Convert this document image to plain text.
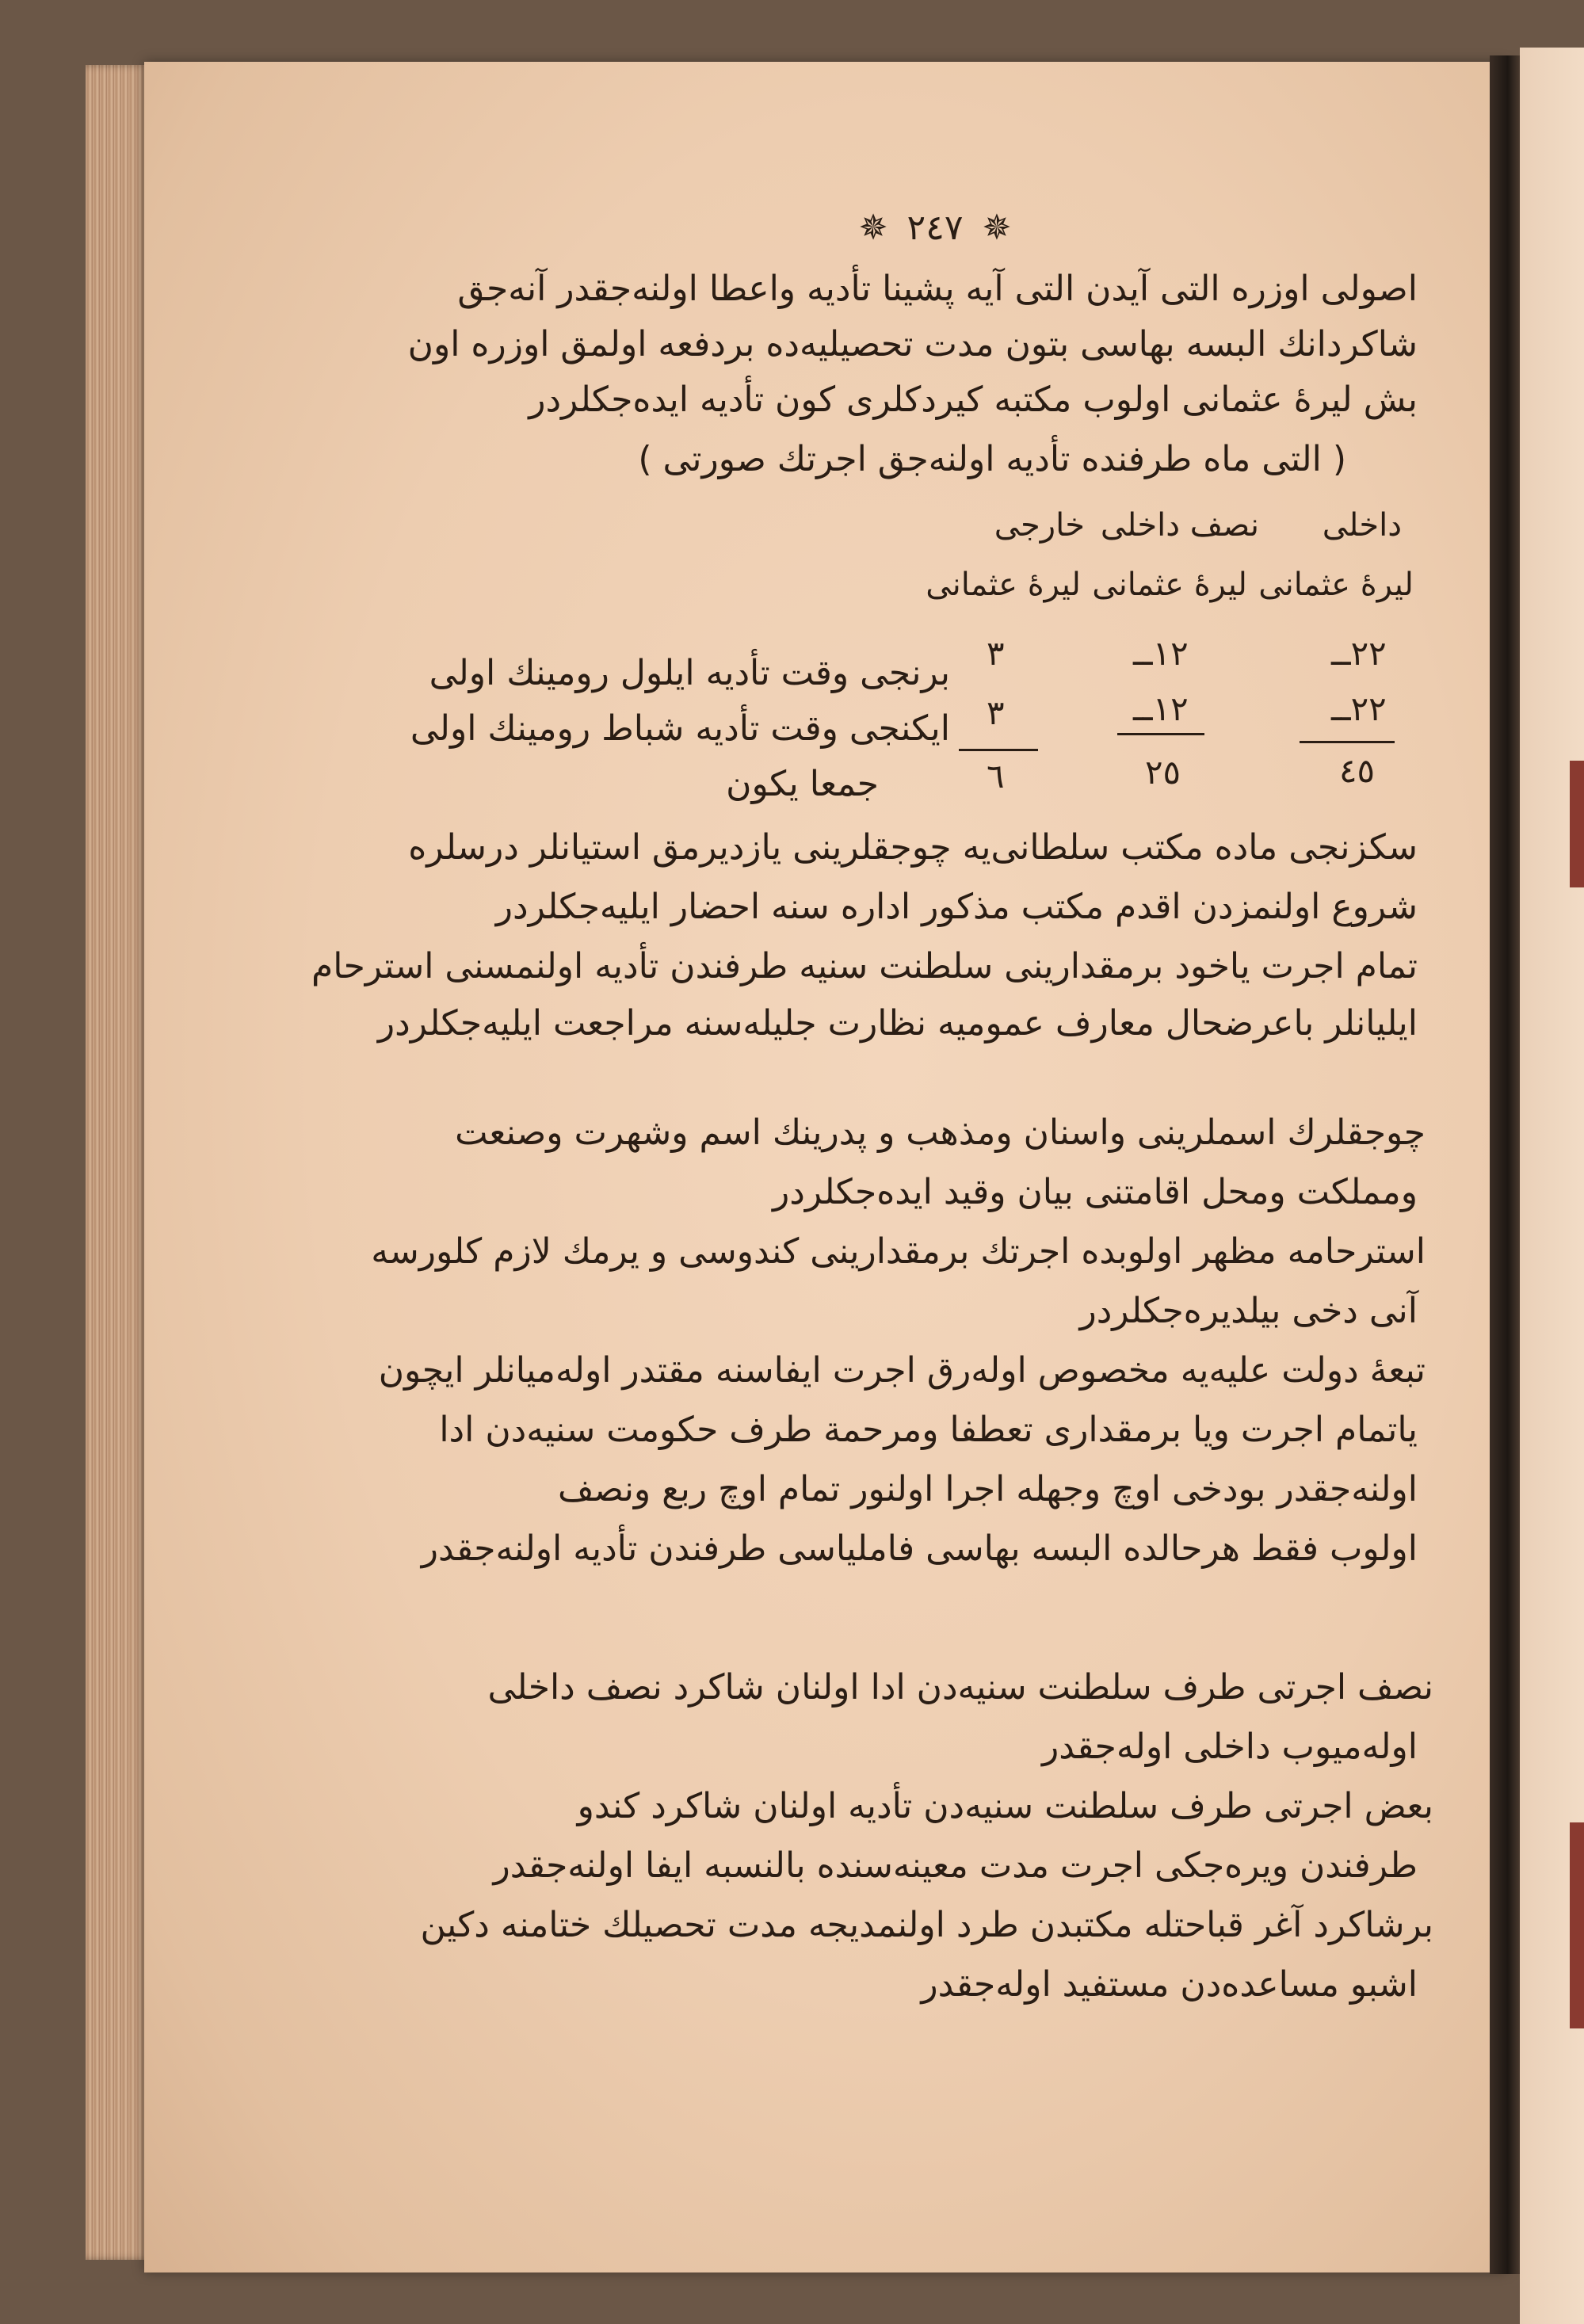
✵ ۲٤٧ ✵
اصولی اوزره التی آیدن التی آیه پشینا تأدیه واعطا اولنه‌جقدر آنه‌جق
شاکردانك البسه بهاسی بتون مدت تحصیلیه‌ده بردفعه اولمق اوزره اون
بش لیرۀ عثمانی اولوب مکتبه کیردکلری کون تأدیه ایده‌جکلردر
( التی ماه طرفنده تأدیه اولنه‌جق اجرتك صورتی )
داخلی
نصف داخلی
خارجی
لیرۀ عثمانی
لیرۀ عثمانی
لیرۀ عثمانی
۲۲ــ
۱۲ــ
۳
برنجی وقت تأدیه ایلول رومینك اولی
۲۲ــ
۱۲ــ
۳
ایکنجی وقت تأدیه شباط رومینك اولی
٤٥
۲٥
٦
جمعا یکون
سکزنجی ماده مکتب سلطانی‌یه چوجقلرینی یازدیرمق استیانلر درسلره
شروع اولنمزدن اقدم مکتب مذکور اداره سنه احضار ایلیه‌جکلردر
تمام اجرت یاخود برمقدارینی سلطنت سنیه طرفندن تأدیه اولنمسنی استرحام
ایلیانلر باعرضحال معارف عمومیه نظارت جلیله‌سنه مراجعت ایلیه‌جکلردر
چوجقلرك اسملرینی واسنان ومذهب و پدرینك اسم وشهرت وصنعت
ومملکت ومحل اقامتنی بیان وقید ایده‌جکلردر
استرحامه مظهر اولوبده اجرتك برمقدارینی کندوسی و یرمك لازم کلورسه
آنی دخی بیلدیره‌جکلردر
تبعۀ دولت علیه‌یه مخصوص اوله‌رق اجرت ایفاسنه مقتدر اوله‌میانلر ایچون
یاتمام اجرت ویا برمقداری تعطفا ومرحمة طرف حکومت سنیه‌دن ادا
اولنه‌جقدر بودخی اوچ وجهله اجرا اولنور تمام اوچ ربع ونصف
اولوب فقط هرحالده البسه بهاسی فاملیاسی طرفندن تأدیه اولنه‌جقدر
نصف اجرتی طرف سلطنت سنیه‌دن ادا اولنان شاکرد نصف داخلی
اوله‌میوب داخلی اوله‌جقدر
بعض اجرتی طرف سلطنت سنیه‌دن تأدیه اولنان شاکرد کندو
طرفندن ویره‌جکی اجرت مدت معینه‌سنده بالنسبه ایفا اولنه‌جقدر
برشاکرد آغر قباحتله مکتبدن طرد اولنمدیجه مدت تحصیلك ختامنه دکین
اشبو مساعده‌دن مستفید اوله‌جقدر
